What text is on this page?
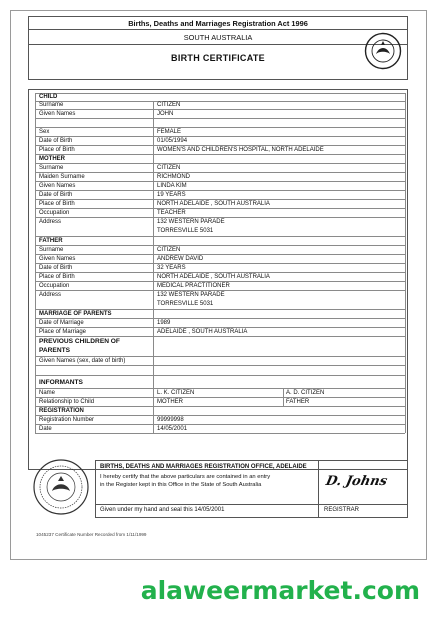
Births, Deaths and Marriages Registration Act 1996
SOUTH AUSTRALIA
BIRTH CERTIFICATE
CHILD
Surname	CITIZEN
Given Names	JOHN
Sex	FEMALE
Date of Birth	01/05/1994
Place of Birth	WOMEN'S AND CHILDREN'S HOSPITAL, NORTH ADELAIDE
MOTHER
Surname	CITIZEN
Maiden Surname	RICHMOND
Given Names	LINDA KIM
Date of Birth	19 YEARS
Place of Birth	NORTH ADELAIDE , SOUTH AUSTRALIA
Occupation	TEACHER
Address	132 WESTERN PARADE
TORRESVILLE 5031
FATHER
Surname	CITIZEN
Given Names	ANDREW DAVID
Date of Birth	32 YEARS
Place of Birth	NORTH ADELAIDE , SOUTH AUSTRALIA
Occupation	MEDICAL PRACTITIONER
Address	132 WESTERN PARADE
TORRESVILLE 5031
MARRIAGE OF PARENTS
Date of Marriage	1989
Place of Marriage	ADELAIDE , SOUTH AUSTRALIA
PREVIOUS CHILDREN OF
PARENTS
Given Names (sex, date of birth)
INFORMANTS
Name	L. K. CITIZEN	A. D. CITIZEN
Relationship to Child	MOTHER	FATHER
REGISTRATION
Registration Number	99999998
Date	14/05/2001
BIRTHS, DEATHS AND MARRIAGES REGISTRATION OFFICE, ADELAIDE
I hereby certify that the above particulars are contained in an entry
in the Register kept in this Office in the State of South Australia	D. Johns
Given under my hand and seal this 14/05/2001	REGISTRAR
1045237 Certificate Number Recorded from 1/11/1999
alaweermarket.com
